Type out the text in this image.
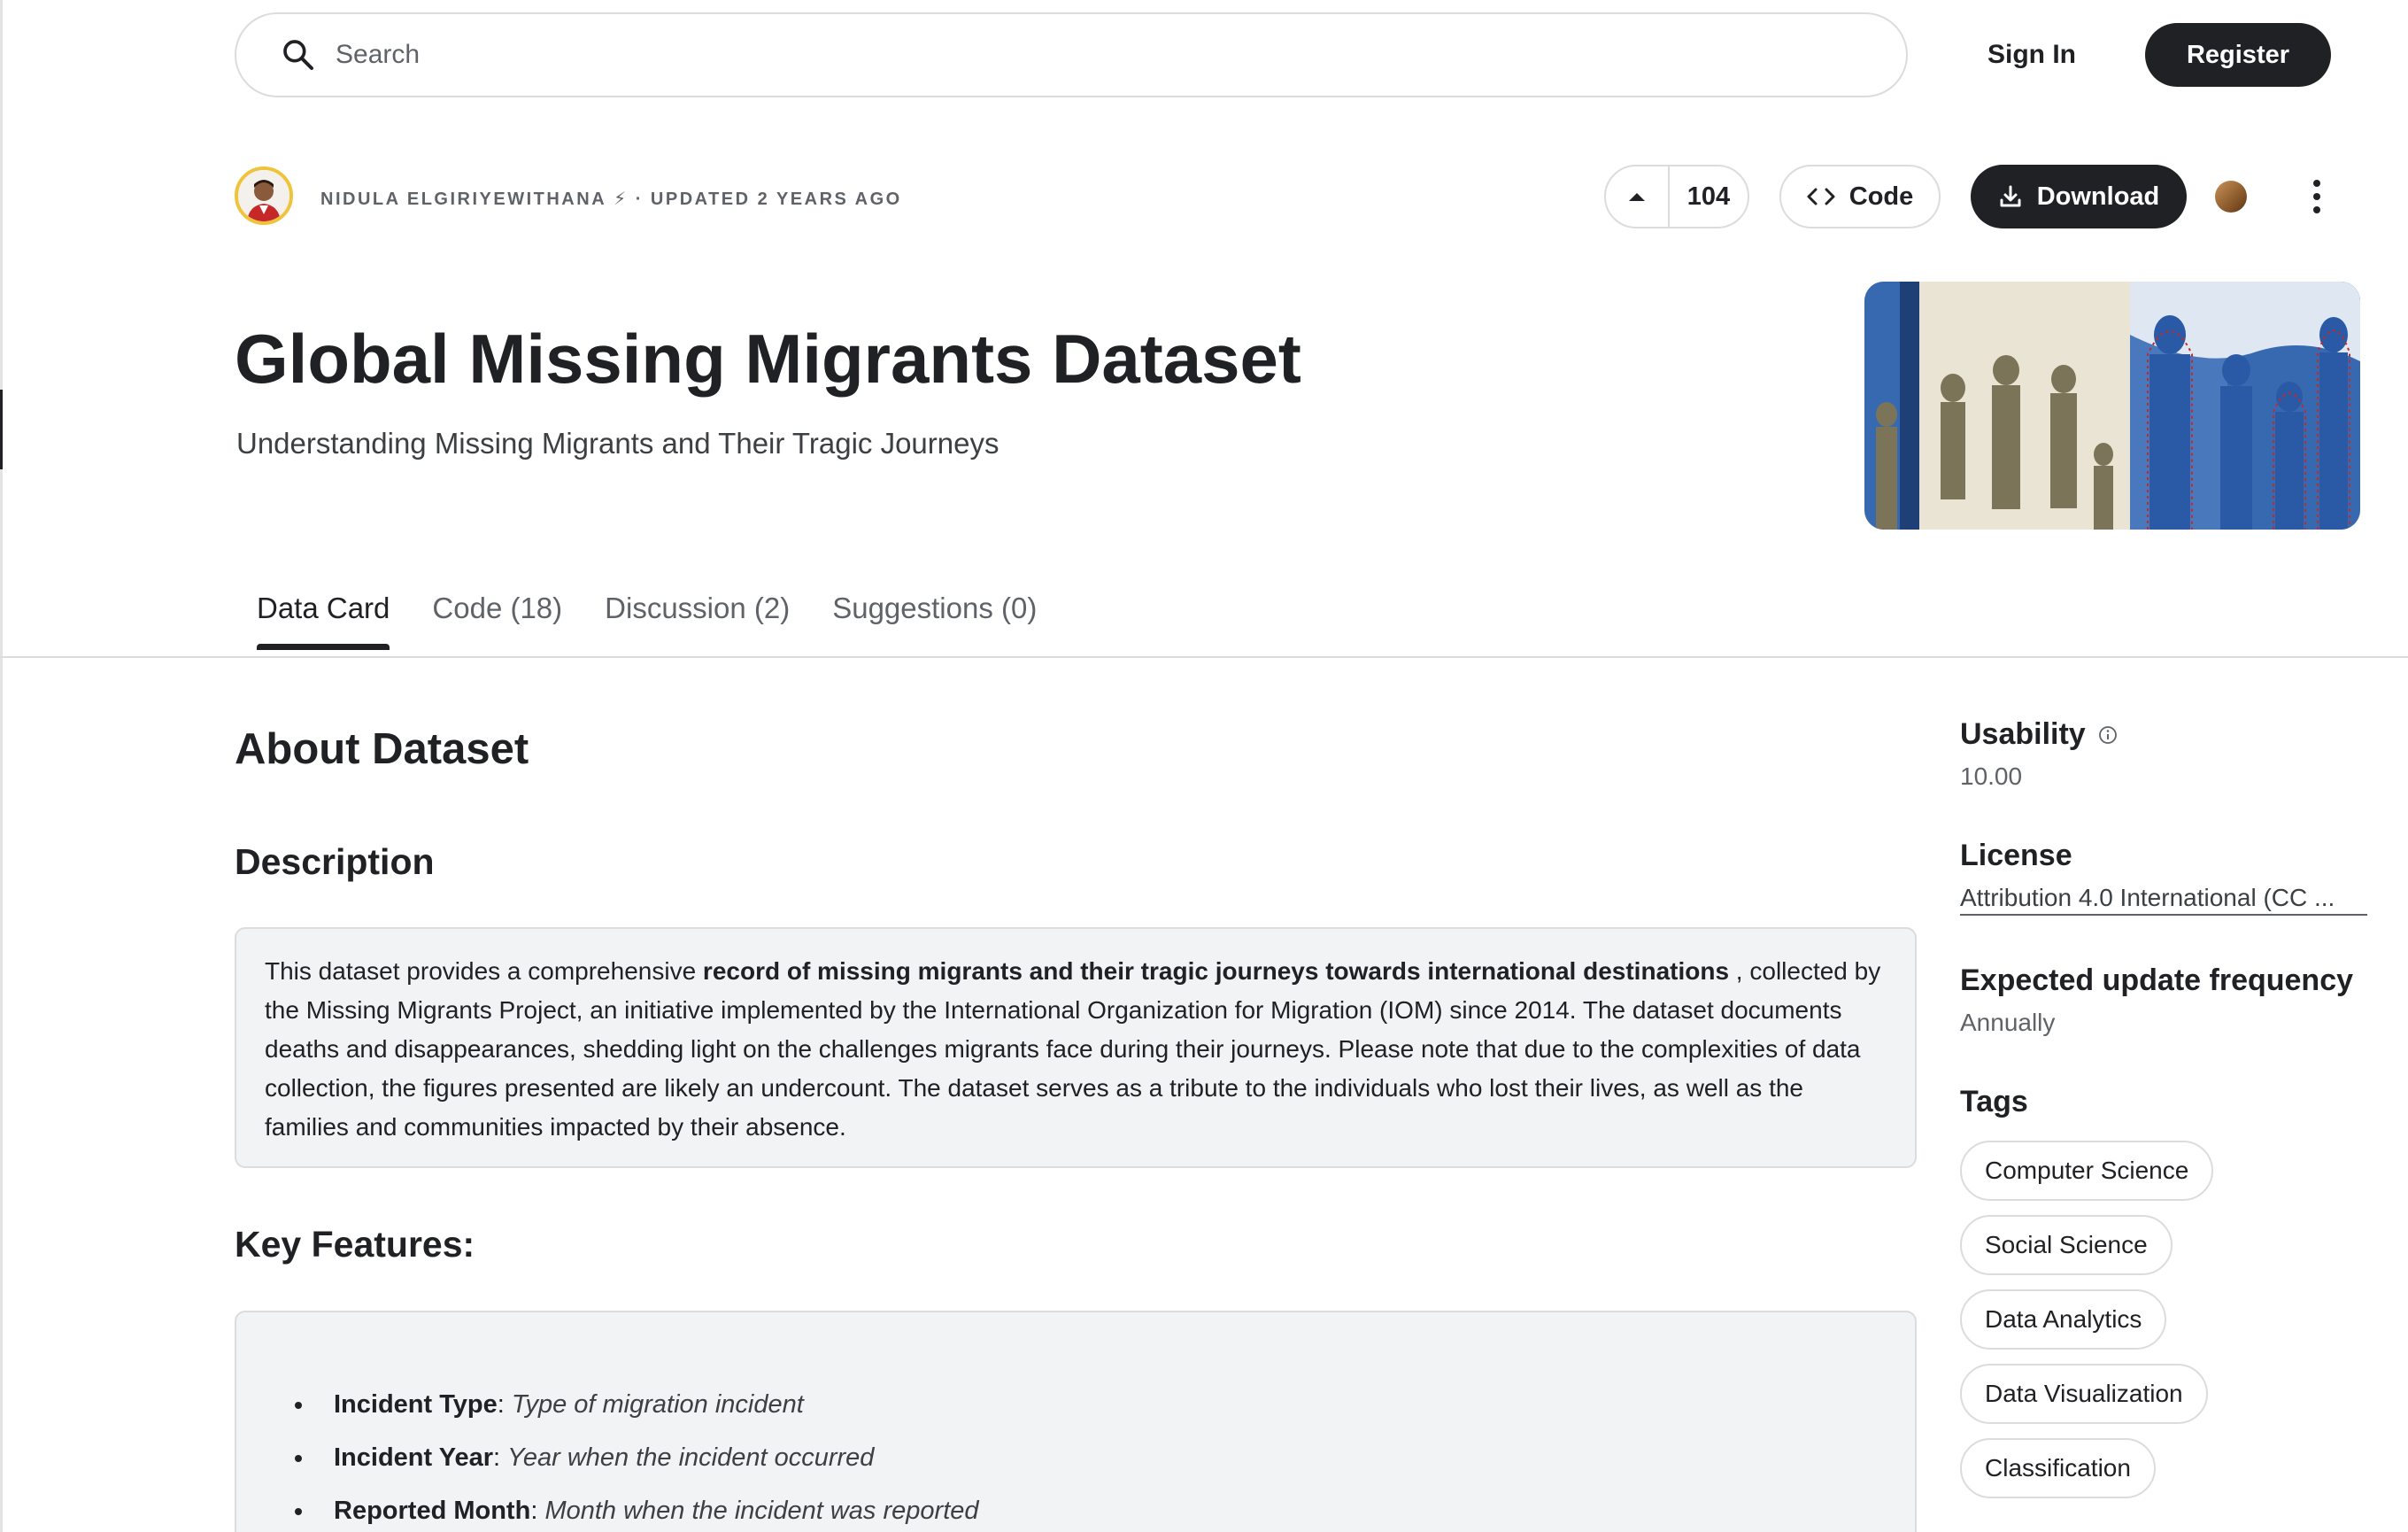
Search	Sign In	Register
NIDULA ELGIRIYEWITHANA ⚡ · UPDATED 2 YEARS AGO	104	Code	Download
Global Missing Migrants Dataset
Understanding Missing Migrants and Their Tragic Journeys
Data Card Code (18) Discussion (2) Suggestions (0)
About Dataset
Description
This dataset provides a comprehensive record of missing migrants and their tragic journeys towards international destinations , collected by the Missing Migrants Project, an initiative implemented by the International Organization for Migration (IOM) since 2014. The dataset documents deaths and disappearances, shedding light on the challenges migrants face during their journeys. Please note that due to the complexities of data collection, the figures presented are likely an undercount. The dataset serves as a tribute to the individuals who lost their lives, as well as the families and communities impacted by their absence.
Key Features:
Incident Type: Type of migration incident
Incident Year: Year when the incident occurred
Reported Month: Month when the incident was reported
Usability
10.00
License
Attribution 4.0 International (CC ...
Expected update frequency
Annually
Tags
Computer Science
Social Science
Data Analytics
Data Visualization
Classification
